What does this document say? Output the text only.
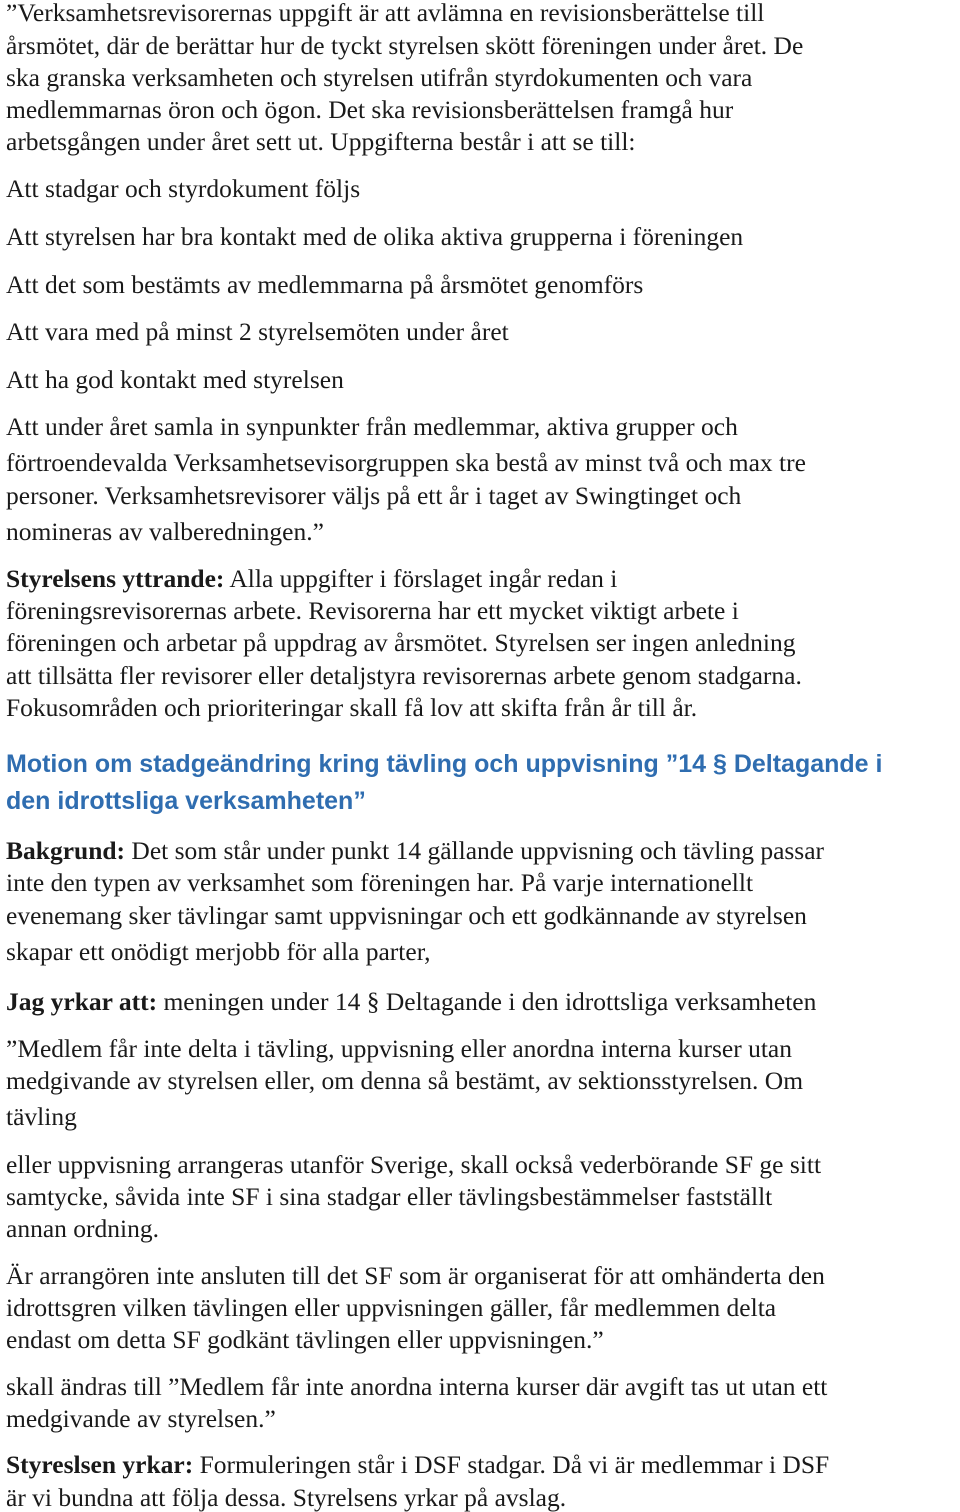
”Verksamhetsrevisorernas uppgift är att avlämna en revisionsberättelse till
årsmötet, där de berättar hur de tyckt styrelsen skött föreningen under året. De
ska granska verksamheten och styrelsen utifrån styrdokumenten och vara
medlemmarnas öron och ögon. Det ska revisionsberättelsen framgå hur
arbetsgången under året sett ut. Uppgifterna består i att se till:
Att stadgar och styrdokument följs
Att styrelsen har bra kontakt med de olika aktiva grupperna i föreningen
Att det som bestämts av medlemmarna på årsmötet genomförs
Att vara med på minst 2 styrelsemöten under året
Att ha god kontakt med styrelsen
Att under året samla in synpunkter från medlemmar, aktiva grupper och
förtroendevalda Verksamhetsevisorgruppen ska bestå av minst två och max tre
personer. Verksamhetsrevisorer väljs på ett år i taget av Swingtinget och
nomineras av valberedningen.”
Styrelsens yttrande: Alla uppgifter i förslaget ingår redan i
föreningsrevisorernas arbete. Revisorerna har ett mycket viktigt arbete i
föreningen och arbetar på uppdrag av årsmötet. Styrelsen ser ingen anledning
att tillsätta fler revisorer eller detaljstyra revisorernas arbete genom stadgarna.
Fokusområden och prioriteringar skall få lov att skifta från år till år.
Motion om stadgeändring kring tävling och uppvisning ”14 § Deltagande i
den idrottsliga verksamheten”
Bakgrund: Det som står under punkt 14 gällande uppvisning och tävling passar
inte den typen av verksamhet som föreningen har. På varje internationellt
evenemang sker tävlingar samt uppvisningar och ett godkännande av styrelsen
skapar ett onödigt merjobb för alla parter,
Jag yrkar att: meningen under 14 § Deltagande i den idrottsliga verksamheten
”Medlem får inte delta i tävling, uppvisning eller anordna interna kurser utan
medgivande av styrelsen eller, om denna så bestämt, av sektionsstyrelsen. Om
tävling
eller uppvisning arrangeras utanför Sverige, skall också vederbörande SF ge sitt
samtycke, såvida inte SF i sina stadgar eller tävlingsbestämmelser fastställt
annan ordning.
Är arrangören inte ansluten till det SF som är organiserat för att omhänderta den
idrottsgren vilken tävlingen eller uppvisningen gäller, får medlemmen delta
endast om detta SF godkänt tävlingen eller uppvisningen.”
skall ändras till ”Medlem får inte anordna interna kurser där avgift tas ut utan ett
medgivande av styrelsen.”
Styreslsen yrkar: Formuleringen står i DSF stadgar. Då vi är medlemmar i DSF
är vi bundna att följa dessa. Styrelsens yrkar på avslag.
